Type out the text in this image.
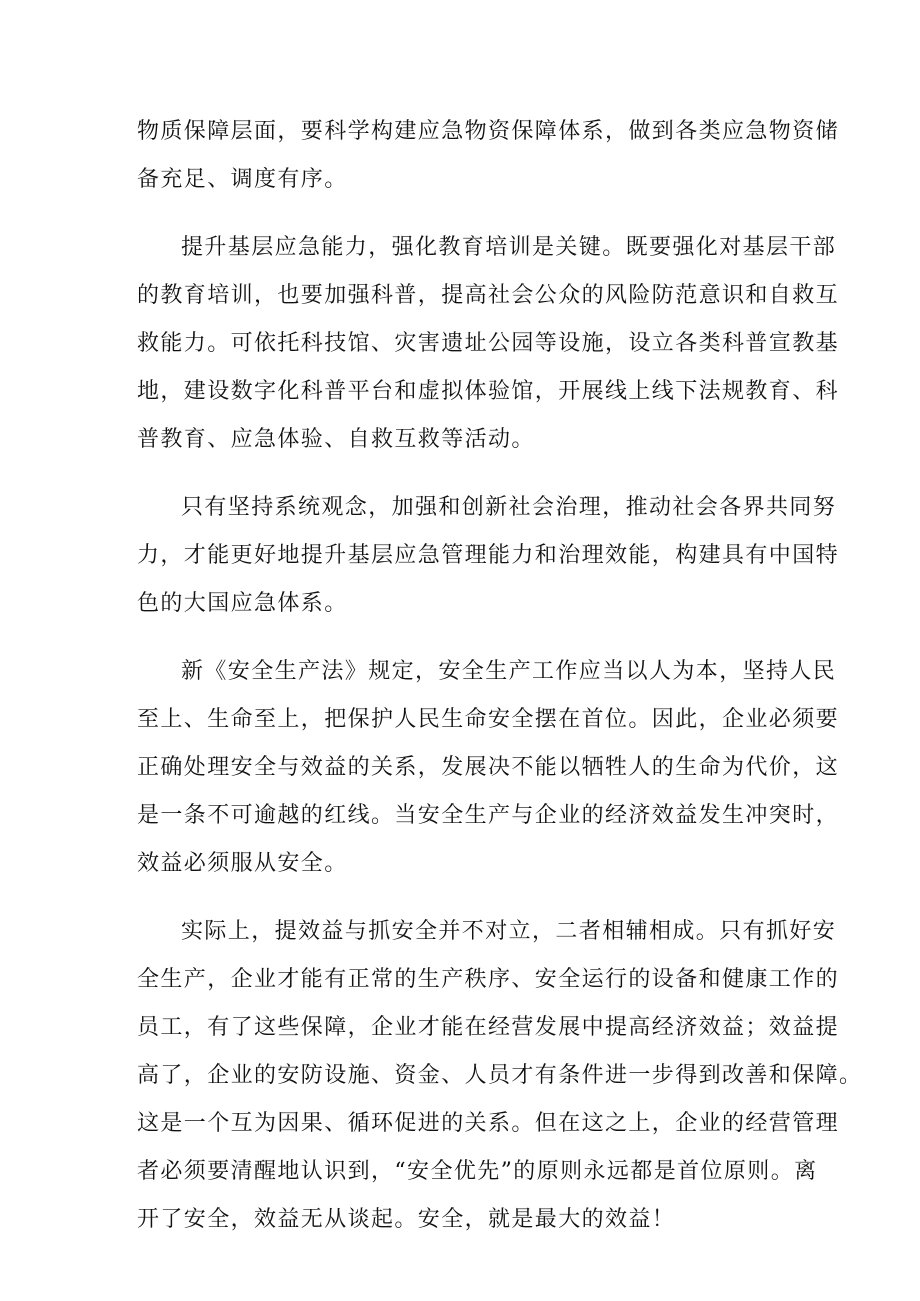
物质保障层面，要科学构建应急物资保障体系，做到各类应急物资储
备充足、调度有序。
提升基层应急能力，强化教育培训是关键。既要强化对基层干部
的教育培训，也要加强科普，提高社会公众的风险防范意识和自救互
救能力。可依托科技馆、灾害遗址公园等设施，设立各类科普宣教基
地，建设数字化科普平台和虚拟体验馆，开展线上线下法规教育、科
普教育、应急体验、自救互救等活动。
只有坚持系统观念，加强和创新社会治理，推动社会各界共同努
力，才能更好地提升基层应急管理能力和治理效能，构建具有中国特
色的大国应急体系。
新《安全生产法》规定，安全生产工作应当以人为本，坚持人民
至上、生命至上，把保护人民生命安全摆在首位。因此，企业必须要
正确处理安全与效益的关系，发展决不能以牺牲人的生命为代价，这
是一条不可逾越的红线。当安全生产与企业的经济效益发生冲突时，
效益必须服从安全。
实际上，提效益与抓安全并不对立，二者相辅相成。只有抓好安
全生产，企业才能有正常的生产秩序、安全运行的设备和健康工作的
员工，有了这些保障，企业才能在经营发展中提高经济效益；效益提
高了，企业的安防设施、资金、人员才有条件进一步得到改善和保障。
这是一个互为因果、循环促进的关系。但在这之上，企业的经营管理
者必须要清醒地认识到，“安全优先”的原则永远都是首位原则。离
开了安全，效益无从谈起。安全，就是最大的效益！
